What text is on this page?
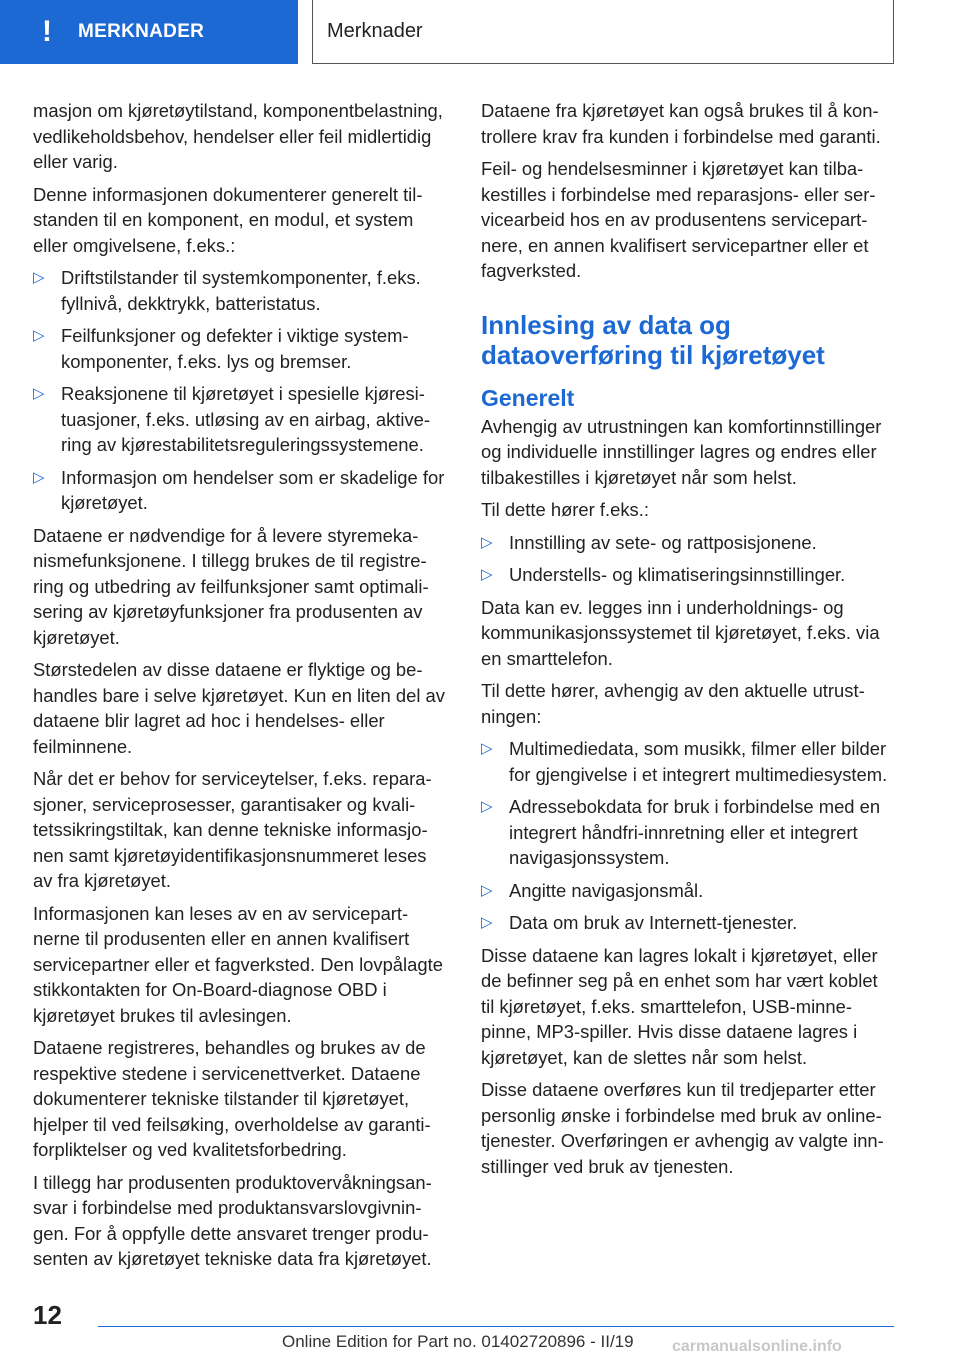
! MERKNADER	Merknader

masjon om kjøretøytilstand, komponentbelastning, vedlikeholdsbehov, hendelser eller feil midlertidig eller varig.

Denne informasjonen dokumenterer generelt tilstanden til en komponent, en modul, et system eller omgivelsene, f.eks.:

▷ Driftstilstander til systemkomponenter, f.eks. fyllnivå, dekktrykk, batteristatus.
▷ Feilfunksjoner og defekter i viktige systemkomponenter, f.eks. lys og bremser.
▷ Reaksjonene til kjøretøyet i spesielle kjøresituasjoner, f.eks. utløsing av en airbag, aktivering av kjørestabilitetsreguleringssystemene.
▷ Informasjon om hendelser som er skadelige for kjøretøyet.

Dataene er nødvendige for å levere styremekanismefunksjonene. I tillegg brukes de til registrering og utbedring av feilfunksjoner samt optimalisering av kjøretøyfunksjoner fra produsenten av kjøretøyet.

Størstedelen av disse dataene er flyktige og behandles bare i selve kjøretøyet. Kun en liten del av dataene blir lagret ad hoc i hendelses- eller feilminnene.

Når det er behov for serviceytelser, f.eks. reparasjoner, serviceprosesser, garantisaker og kvalitetssikringstiltak, kan denne tekniske informasjonen samt kjøretøyidentifikasjonsnummeret leses av fra kjøretøyet.

Informasjonen kan leses av en av servicepartnerne til produsenten eller en annen kvalifisert servicepartner eller et fagverksted. Den lovpålagte stikkontakten for On-Board-diagnose OBD i kjøretøyet brukes til avlesingen.

Dataene registreres, behandles og brukes av de respektive stedene i servicenettverket. Dataene dokumenterer tekniske tilstander til kjøretøyet, hjelper til ved feilsøking, overholdelse av garantiforpliktelser og ved kvalitetsforbedring.

I tillegg har produsenten produktovervåkningsansvar i forbindelse med produktansvarslovgivningen. For å oppfylle dette ansvaret trenger produsenten av kjøretøyet tekniske data fra kjøretøyet.

Dataene fra kjøretøyet kan også brukes til å kontrollere krav fra kunden i forbindelse med garanti.

Feil- og hendelsesminner i kjøretøyet kan tilbakestilles i forbindelse med reparasjons- eller servicearbeid hos en av produsentens servicepartnere, en annen kvalifisert servicepartner eller et fagverksted.

Innlesing av data og dataoverføring til kjøretøyet
Generelt

Avhengig av utrustningen kan komfortinnstillinger og individuelle innstillinger lagres og endres eller tilbakestilles i kjøretøyet når som helst.

Til dette hører f.eks.:

▷ Innstilling av sete- og rattposisjonene.
▷ Understells- og klimatiseringsinnstillinger.

Data kan ev. legges inn i underholdnings- og kommunikasjonssystemet til kjøretøyet, f.eks. via en smarttelefon.

Til dette hører, avhengig av den aktuelle utrustningen:

▷ Multimediedata, som musikk, filmer eller bilder for gjengivelse i et integrert multimediesystem.
▷ Adressebokdata for bruk i forbindelse med en integrert håndfri-innretning eller et integrert navigasjonssystem.
▷ Angitte navigasjonsmål.
▷ Data om bruk av Internett-tjenester.

Disse dataene kan lagres lokalt i kjøretøyet, eller de befinner seg på en enhet som har vært koblet til kjøretøyet, f.eks. smarttelefon, USB-minnepinne, MP3-spiller. Hvis disse dataene lagres i kjøretøyet, kan de slettes når som helst.

Disse dataene overføres kun til tredjeparter etter personlig ønske i forbindelse med bruk av online-tjenester. Overføringen er avhengig av valgte innstillinger ved bruk av tjenesten.

12
Online Edition for Part no. 01402720896 - II/19 carmanualsonline.info
